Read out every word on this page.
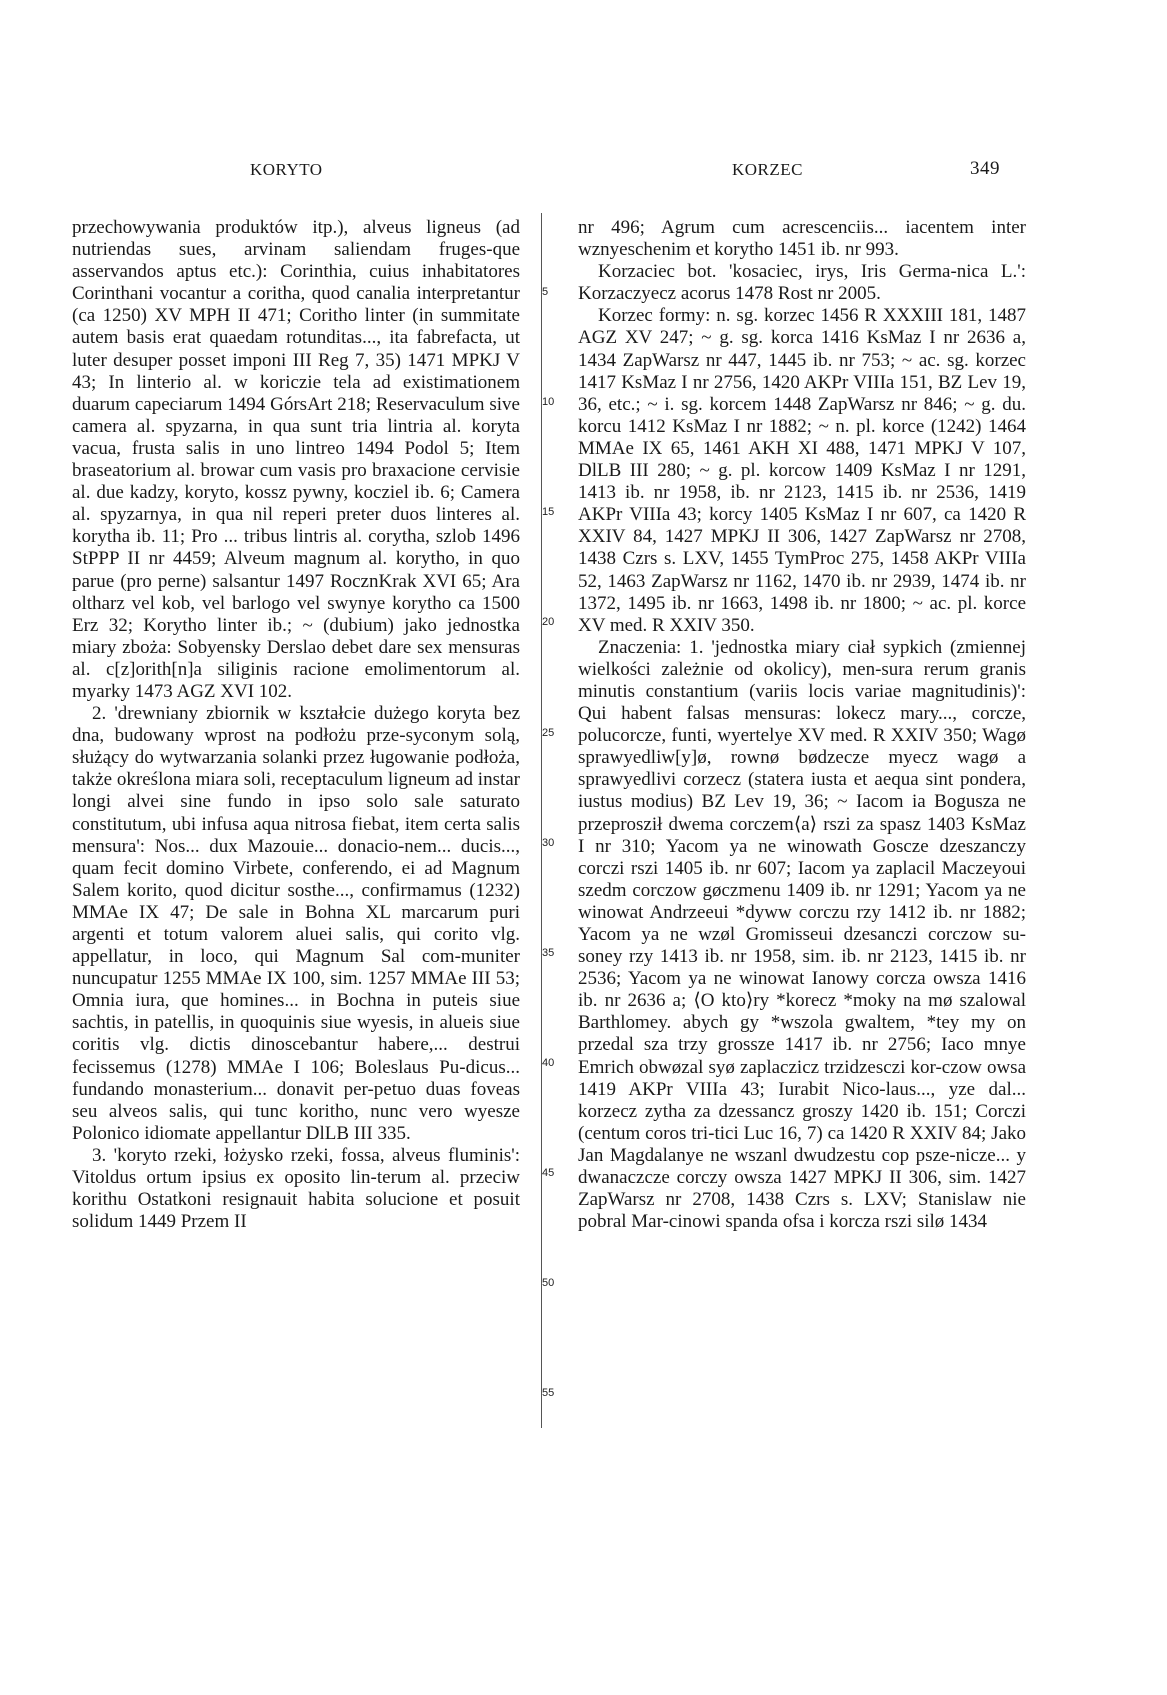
KORYTO	KORZEC	349

przechowywania produktów itp.), alveus ligneus (ad nutriendas sues, arvinam saliendam fruges-que asservandos aptus etc.): Corinthia, cuius inhabitatores Corinthani vocantur a coritha, quod canalia interpretantur (ca 1250) XV MPH II 471; Coritho linter (in summitate autem basis erat quaedam rotunditas..., ita fabrefacta, ut luter desuper posset imponi III Reg 7, 35) 1471 MPKJ V 43; In linterio al. w koriczie tela ad existimationem duarum capeciarum 1494 GórsArt 218; Reservaculum sive camera al. spyzarna, in qua sunt tria lintria al. koryta vacua, frusta salis in uno lintreo 1494 Podol 5; Item braseatorium al. browar cum vasis pro braxacione cervisie al. due kadzy, koryto, kossz pywny, kocziel ib. 6; Camera al. spyzarnya, in qua nil reperi preter duos linteres al. korytha ib. 11; Pro ... tribus lintris al. corytha, szlob 1496 StPPP II nr 4459; Alveum magnum al. korytho, in quo parue (pro perne) salsantur 1497 RocznKrak XVI 65; Ara oltharz vel kob, vel barlogo vel swynye korytho ca 1500 Erz 32; Korytho linter ib.; ~ (dubium) jako jednostka miary zboża: Sobyensky Derslao debet dare sex mensuras al. c[z]orith[n]a siliginis racione emolimentorum al. myarky 1473 AGZ XVI 102.

2. 'drewniany zbiornik w kształcie dużego koryta bez dna, budowany wprost na podłożu prze-syconym solą, służący do wytwarzania solanki przez ługowanie podłoża, także określona miara soli, receptaculum ligneum ad instar longi alvei sine fundo in ipso solo sale saturato constitutum, ubi infusa aqua nitrosa fiebat, item certa salis mensura': Nos... dux Mazouie... donacio-nem... ducis..., quam fecit domino Virbete, conferendo, ei ad Magnum Salem korito, quod dicitur sosthe..., confirmamus (1232) MMAe IX 47; De sale in Bohna XL marcarum puri argenti et totum valorem aluei salis, qui corito vlg. appellatur, in loco, qui Magnum Sal com-muniter nuncupatur 1255 MMAe IX 100, sim. 1257 MMAe III 53; Omnia iura, que homines... in Bochna in puteis siue sachtis, in patellis, in quoquinis siue wyesis, in alueis siue coritis vlg. dictis dinoscebantur habere,... destrui fecissemus (1278) MMAe I 106; Boleslaus Pu-dicus... fundando monasterium... donavit per-petuo duas foveas seu alveos salis, qui tunc koritho, nunc vero wyesze Polonico idiomate appellantur DlLB III 335.

3. 'koryto rzeki, łożysko rzeki, fossa, alveus fluminis': Vitoldus ortum ipsius ex oposito lin-terum al. przeciw korithu Ostatkoni resignauit habita solucione et posuit solidum 1449 Przem II

5
10
15
20
25
30
35
40
45
50
55

nr 496; Agrum cum acrescenciis... iacentem inter wznyeschenim et korytho 1451 ib. nr 993.

Korzaciec bot. 'kosaciec, irys, Iris Germa-nica L.': Korzaczyecz acorus 1478 Rost nr 2005.

Korzec formy: n. sg. korzec 1456 R XXXIII 181, 1487 AGZ XV 247; ~ g. sg. korca 1416 KsMaz I nr 2636 a, 1434 ZapWarsz nr 447, 1445 ib. nr 753; ~ ac. sg. korzec 1417 KsMaz I nr 2756, 1420 AKPr VIIIa 151, BZ Lev 19, 36, etc.; ~ i. sg. korcem 1448 ZapWarsz nr 846; ~ g. du. korcu 1412 KsMaz I nr 1882; ~ n. pl. korce (1242) 1464 MMAe IX 65, 1461 AKH XI 488, 1471 MPKJ V 107, DlLB III 280; ~ g. pl. korcow 1409 KsMaz I nr 1291, 1413 ib. nr 1958, ib. nr 2123, 1415 ib. nr 2536, 1419 AKPr VIIIa 43; korcy 1405 KsMaz I nr 607, ca 1420 R XXIV 84, 1427 MPKJ II 306, 1427 ZapWarsz nr 2708, 1438 Czrs s. LXV, 1455 TymProc 275, 1458 AKPr VIIIa 52, 1463 ZapWarsz nr 1162, 1470 ib. nr 2939, 1474 ib. nr 1372, 1495 ib. nr 1663, 1498 ib. nr 1800; ~ ac. pl. korce XV med. R XXIV 350.

Znaczenia: 1. 'jednostka miary ciał sypkich (zmiennej wielkości zależnie od okolicy), men-sura rerum granis minutis constantium (variis locis variae magnitudinis)': Qui habent falsas mensuras: lokecz mary..., corcze, polucorcze, funti, wyertelye XV med. R XXIV 350; Wagø sprawyedliw[y]ø, rownø bødzecze myecz wagø a sprawyedlivi corzecz (statera iusta et aequa sint pondera, iustus modius) BZ Lev 19, 36; ~ Iacom ia Bogusza ne przeprosził dwema corczem⟨a⟩ rszi za spasz 1403 KsMaz I nr 310; Yacom ya ne winowath Goscze dzeszanczy corczi rszi 1405 ib. nr 607; Iacom ya zaplacil Maczeyoui szedm corczow gøczmenu 1409 ib. nr 1291; Yacom ya ne winowat Andrzeeui *dyww corczu rzy 1412 ib. nr 1882; Yacom ya ne wzøl Gromisseui dzesanczi corczow su-soney rzy 1413 ib. nr 1958, sim. ib. nr 2123, 1415 ib. nr 2536; Yacom ya ne winowat Ianowy corcza owsza 1416 ib. nr 2636 a; ⟨O kto⟩ry *korecz *moky na mø szalowal Barthlomey. abych gy *wszola gwaltem, *tey my on przedal sza trzy grossze 1417 ib. nr 2756; Iaco mnye Emrich obwøzal syø zaplaczicz trzidzesczi kor-czow owsa 1419 AKPr VIIIa 43; Iurabit Nico-laus..., yze dal... korzecz zytha za dzessancz groszy 1420 ib. 151; Corczi (centum coros tri-tici Luc 16, 7) ca 1420 R XXIV 84; Jako Jan Magdalanye ne wszanl dwudzestu cop psze-nicze... y dwanaczcze corczy owsza 1427 MPKJ II 306, sim. 1427 ZapWarsz nr 2708, 1438 Czrs s. LXV; Stanislaw nie pobral Mar-cinowi spanda ofsa i korcza rszi silø 1434
